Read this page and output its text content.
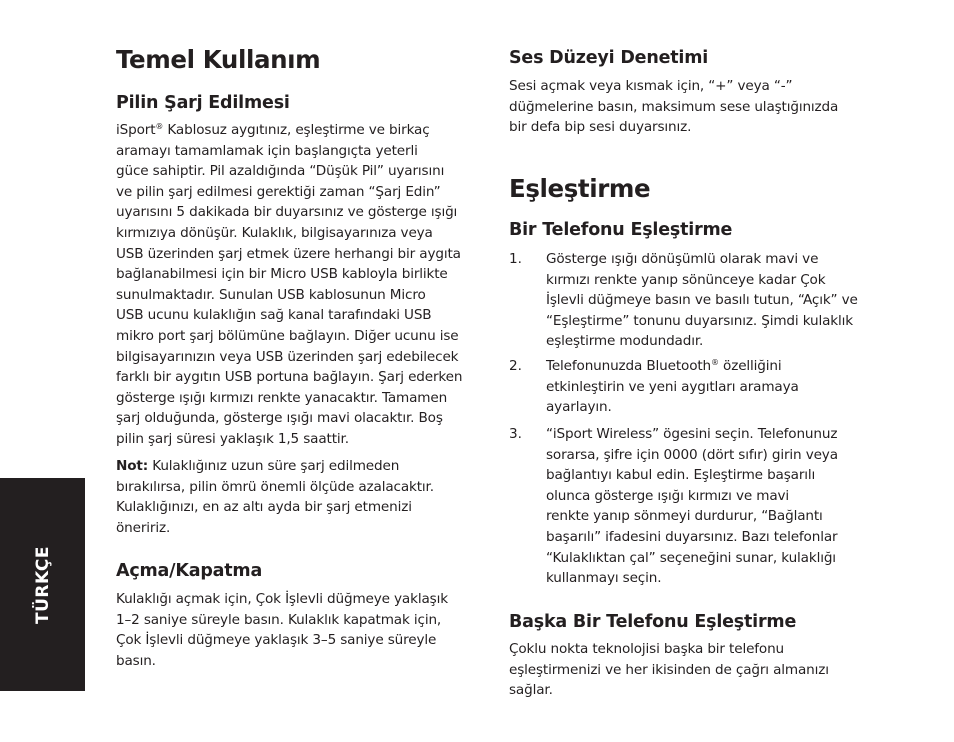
TÜRKÇE
Temel Kullanım
Pilin Şarj Edilmesi
iSport® Kablosuz aygıtınız, eşleştirme ve birkaç
aramayı tamamlamak için başlangıçta yeterli
güce sahiptir. Pil azaldığında “Düşük Pil” uyarısını
ve pilin şarj edilmesi gerektiği zaman “Şarj Edin”
uyarısını 5 dakikada bir duyarsınız ve gösterge ışığı
kırmızıya dönüşür. Kulaklık, bilgisayarınıza veya
USB üzerinden şarj etmek üzere herhangi bir aygıta
bağlanabilmesi için bir Micro USB kabloyla birlikte
sunulmaktadır. Sunulan USB kablosunun Micro
USB ucunu kulaklığın sağ kanal tarafındaki USB
mikro port şarj bölümüne bağlayın. Diğer ucunu ise
bilgisayarınızın veya USB üzerinden şarj edebilecek
farklı bir aygıtın USB portuna bağlayın. Şarj ederken
gösterge ışığı kırmızı renkte yanacaktır. Tamamen
şarj olduğunda, gösterge ışığı mavi olacaktır. Boş
pilin şarj süresi yaklaşık 1,5 saattir.
Not: Kulaklığınız uzun süre şarj edilmeden
bırakılırsa, pilin ömrü önemli ölçüde azalacaktır.
Kulaklığınızı, en az altı ayda bir şarj etmenizi
öneririz.
Açma/Kapatma
Kulaklığı açmak için, Çok İşlevli düğmeye yaklaşık
1–2 saniye süreyle basın. Kulaklık kapatmak için,
Çok İşlevli düğmeye yaklaşık 3–5 saniye süreyle
basın.
Ses Düzeyi Denetimi
Sesi açmak veya kısmak için, “+” veya “-”
düğmelerine basın, maksimum sese ulaştığınızda
bir defa bip sesi duyarsınız.
Eşleştirme
Bir Telefonu Eşleştirme
1. Gösterge ışığı dönüşümlü olarak mavi ve
kırmızı renkte yanıp sönünceye kadar Çok
İşlevli düğmeye basın ve basılı tutun, “Açık” ve
“Eşleştirme” tonunu duyarsınız. Şimdi kulaklık
eşleştirme modundadır.
2. Telefonunuzda Bluetooth® özelliğini
etkinleştirin ve yeni aygıtları aramaya
ayarlayın.
3. “iSport Wireless” ögesini seçin. Telefonunuz
sorarsa, şifre için 0000 (dört sıfır) girin veya
bağlantıyı kabul edin. Eşleştirme başarılı
olunca gösterge ışığı kırmızı ve mavi
renkte yanıp sönmeyi durdurur, “Bağlantı
başarılı” ifadesini duyarsınız. Bazı telefonlar
“Kulaklıktan çal” seçeneğini sunar, kulaklığı
kullanmayı seçin.
Başka Bir Telefonu Eşleştirme
Çoklu nokta teknolojisi başka bir telefonu
eşleştirmenizi ve her ikisinden de çağrı almanızı
sağlar.
